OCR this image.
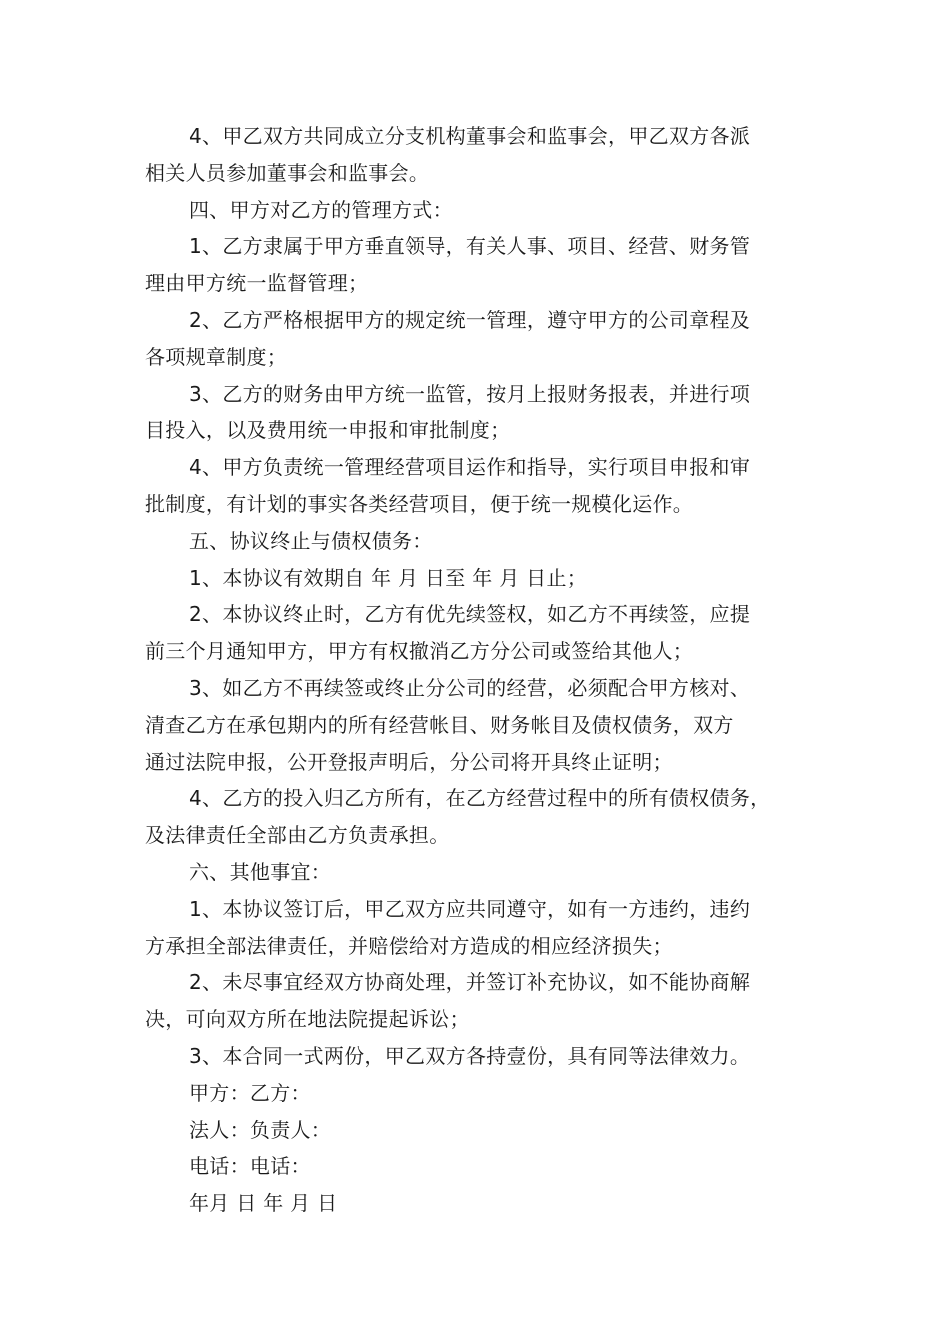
4、甲乙双方共同成立分支机构董事会和监事会，甲乙双方各派
相关人员参加董事会和监事会。
四、甲方对乙方的管理方式：
1、乙方隶属于甲方垂直领导，有关人事、项目、经营、财务管
理由甲方统一监督管理；
2、乙方严格根据甲方的规定统一管理，遵守甲方的公司章程及
各项规章制度；
3、乙方的财务由甲方统一监管，按月上报财务报表，并进行项
目投入，以及费用统一申报和审批制度；
4、甲方负责统一管理经营项目运作和指导，实行项目申报和审
批制度，有计划的事实各类经营项目，便于统一规模化运作。
五、协议终止与债权债务：
1、本协议有效期自 年 月 日至 年 月 日止；
2、本协议终止时，乙方有优先续签权，如乙方不再续签，应提
前三个月通知甲方，甲方有权撤消乙方分公司或签给其他人；
3、如乙方不再续签或终止分公司的经营，必须配合甲方核对、
清查乙方在承包期内的所有经营帐目、财务帐目及债权债务，双方
通过法院申报，公开登报声明后，分公司将开具终止证明；
4、乙方的投入归乙方所有，在乙方经营过程中的所有债权债务，
及法律责任全部由乙方负责承担。
六、其他事宜：
1、本协议签订后，甲乙双方应共同遵守，如有一方违约，违约
方承担全部法律责任，并赔偿给对方造成的相应经济损失；
2、未尽事宜经双方协商处理，并签订补充协议，如不能协商解
决，可向双方所在地法院提起诉讼；
3、本合同一式两份，甲乙双方各持壹份，具有同等法律效力。
甲方：乙方：
法人：负责人：
电话：电话：
年月 日 年 月 日
